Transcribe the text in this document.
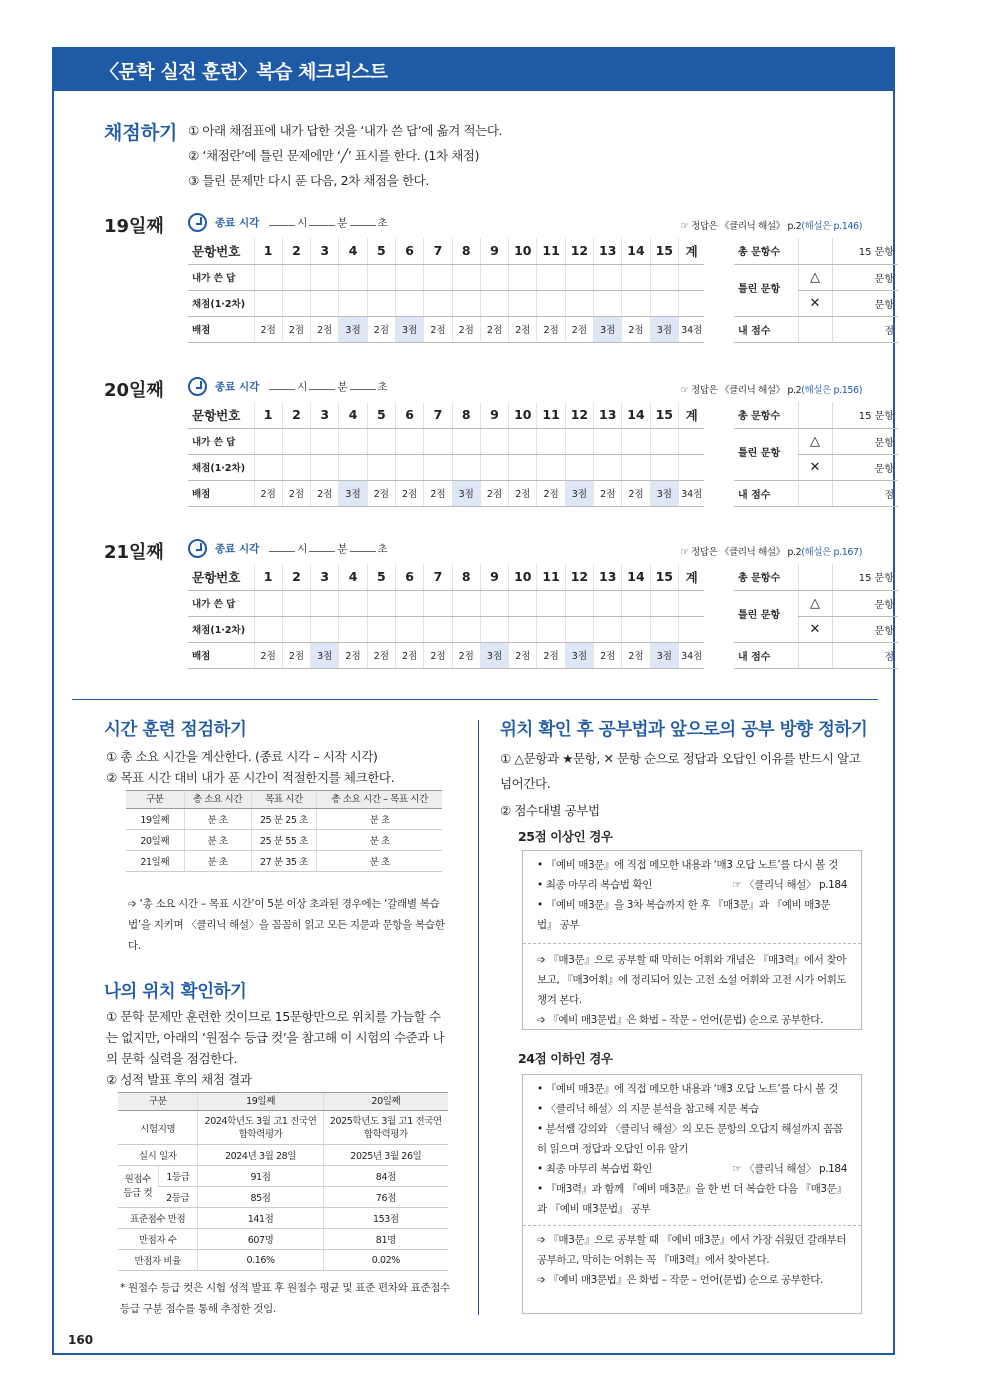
〈문학 실전 훈련〉복습 체크리스트
채점하기 ① 아래 채점표에 내가 답한 것을 ‘내가 쓴 답’에 옮겨 적는다.
② ‘채점란’에 틀린 문제에만 ‘╱’ 표시를 한다. (1차 채점)
③ 틀린 문제만 다시 푼 다음, 2차 채점을 한다.
19일째	종료 시각	시	분	초	☞ 정답은 《클리닉 해설》 p.2(해설은 p.146)
문항번호	1	2	3	4	5	6	7	8	9	10	11	12	13	14	15	계
내가 쓴 답																
채점(1·2차)																
배점	2점	2점	2점	3점	2점	3점	2점	2점	2점	2점	2점	2점	3점	2점	3점	34점
총 문항수		15 문항
틀린 문항	△	문항
	✕	문항
내 점수		점
20일째	종료 시각	시	분	초	☞ 정답은 《클리닉 해설》 p.2(해설은 p.156)
문항번호	1	2	3	4	5	6	7	8	9	10	11	12	13	14	15	계
내가 쓴 답																
채점(1·2차)																
배점	2점	2점	2점	3점	2점	2점	2점	3점	2점	2점	2점	3점	2점	2점	3점	34점
총 문항수		15 문항
틀린 문항	△	문항
	✕	문항
내 점수		점
21일째	종료 시각	시	분	초	☞ 정답은 《클리닉 해설》 p.2(해설은 p.167)
문항번호	1	2	3	4	5	6	7	8	9	10	11	12	13	14	15	계
내가 쓴 답																
채점(1·2차)																
배점	2점	2점	3점	2점	2점	2점	2점	2점	3점	2점	2점	3점	2점	2점	3점	34점
총 문항수		15 문항
틀린 문항	△	문항
	✕	문항
내 점수		점
시간 훈련 점검하기
① 총 소요 시간을 계산한다. (종료 시각 – 시작 시각)
② 목표 시간 대비 내가 푼 시간이 적절한지를 체크한다.
구분	총 소요 시간	목표 시간	총 소요 시간 – 목표 시간
19일째	분 초	25 분 25 초	분 초
20일째	분 초	25 분 55 초	분 초
21일째	분 초	27 분 35 초	분 초
➩ ‘총 소요 시간 – 목표 시간’이 5분 이상 초과된 경우에는 ‘갈래별 복습법’을 지키며 〈클리닉 해설〉을 꼼꼼히 읽고 모든 지문과 문항을 복습한다.
나의 위치 확인하기
① 문학 문제만 훈련한 것이므로 15문항만으로 위치를 가늠할 수는 없지만, 아래의 ‘원점수 등급 컷’을 참고해 이 시험의 수준과 나의 문학 실력을 점검한다.
② 성적 발표 후의 채점 결과
구분		19일째	20일째
시험지명		2024학년도 3월 고1 전국연합학력평가	2025학년도 3월 고1 전국연합학력평가
실시 일자		2024년 3월 28일	2025년 3월 26일
원점수 등급 컷	1등급	91점	84점
	2등급	85점	76점
표준점수 만점		141점	153점
만점자 수		607명	81명
만점자 비율		0.16%	0.02%
* 원점수 등급 컷은 시험 성적 발표 후 원점수 평균 및 표준 편차와 표준점수 등급 구분 점수를 통해 추정한 것임.
위치 확인 후 공부법과 앞으로의 공부 방향 정하기
① △문항과 ★문항, ✕ 문항 순으로 정답과 오답인 이유를 반드시 알고 넘어간다.
② 점수대별 공부법
25점 이상인 경우
• 『예비 매3문』에 직접 메모한 내용과 ‘매3 오답 노트’를 다시 볼 것
• 최종 마무리 복습법 확인	☞ 〈클리닉 해설〉 p.184
• 『예비 매3문』을 3차 복습까지 한 후 『매3문』과 『예비 매3문법』 공부
➩ 『매3문』으로 공부할 때 막히는 어휘와 개념은 『매3력』에서 찾아보고, 『매3어휘』에 정리되어 있는 고전 소설 어휘와 고전 시가 어휘도 챙겨 본다.
➩ 『예비 매3문법』은 화법 – 작문 – 언어(문법) 순으로 공부한다.
24점 이하인 경우
• 『예비 매3문』에 직접 메모한 내용과 ‘매3 오답 노트’를 다시 볼 것
• 〈클리닉 해설〉의 지문 분석을 참고해 지문 복습
• 분석쌤 강의와 〈클리닉 해설〉의 모든 문항의 오답지 해설까지 꼼꼼히 읽으며 정답과 오답인 이유 알기
• 최종 마무리 복습법 확인	☞ 〈클리닉 해설〉 p.184
• 『매3력』과 함께 『예비 매3문』을 한 번 더 복습한 다음 『매3문』과 『예비 매3문법』 공부
➩ 『매3문』으로 공부할 때 『예비 매3문』에서 가장 쉬웠던 갈래부터 공부하고, 막히는 어휘는 꼭 『매3력』에서 찾아본다.
➩ 『예비 매3문법』은 화법 – 작문 – 언어(문법) 순으로 공부한다.
160
